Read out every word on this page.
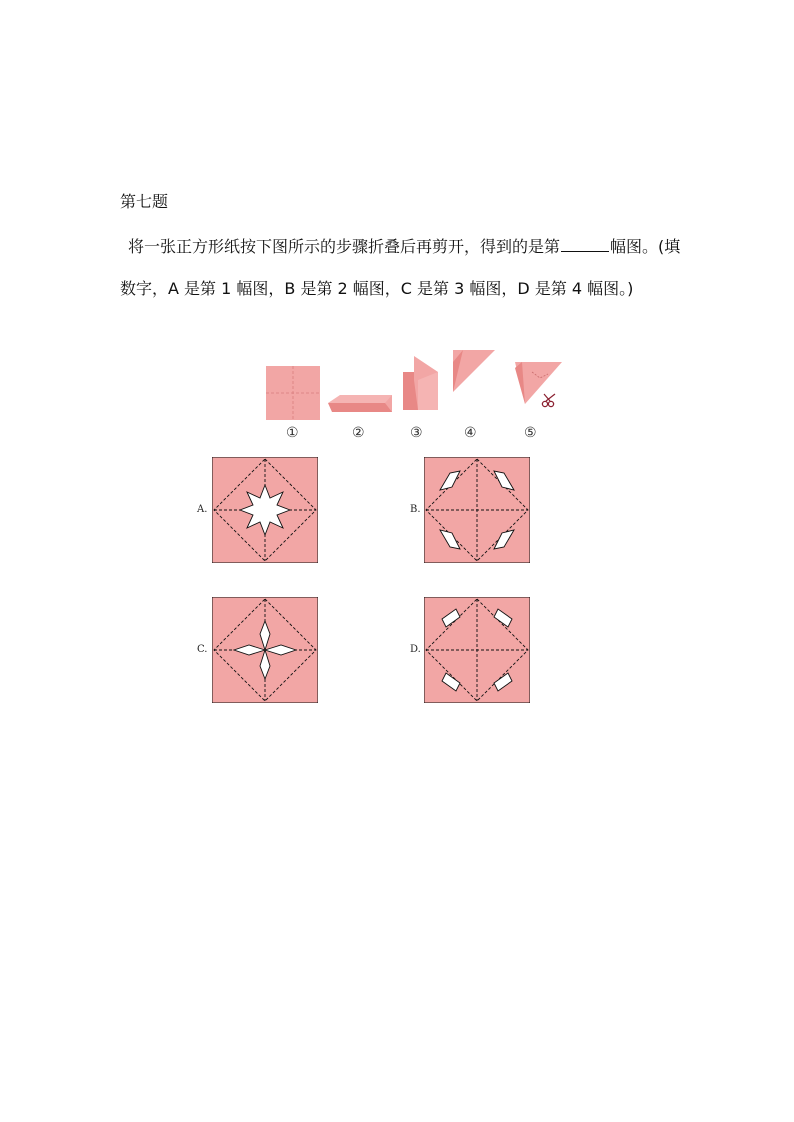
第七题
将一张正方形纸按下图所示的步骤折叠后再剪开，得到的是第	幅图。(填
数字，A 是第 1 幅图，B 是第 2 幅图，C 是第 3 幅图，D 是第 4 幅图。)
①	②	③	④	⑤
A.	B.
C.	D.
